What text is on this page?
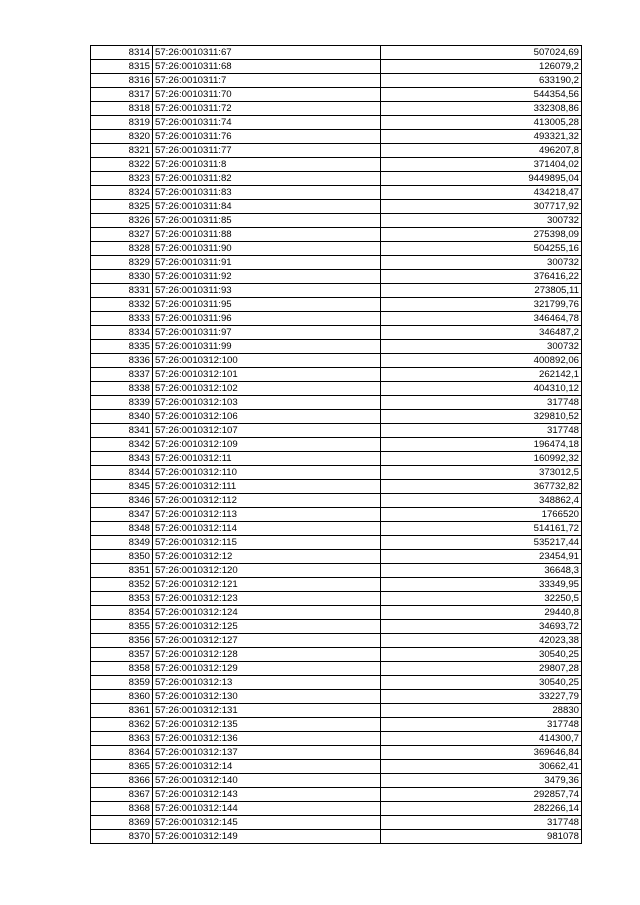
8314	57:26:0010311:67	507024,69
8315	57:26:0010311:68	126079,2
8316	57:26:0010311:7	633190,2
8317	57:26:0010311:70	544354,56
8318	57:26:0010311:72	332308,86
8319	57:26:0010311:74	413005,28
8320	57:26:0010311:76	493321,32
8321	57:26:0010311:77	496207,8
8322	57:26:0010311:8	371404,02
8323	57:26:0010311:82	9449895,04
8324	57:26:0010311:83	434218,47
8325	57:26:0010311:84	307717,92
8326	57:26:0010311:85	300732
8327	57:26:0010311:88	275398,09
8328	57:26:0010311:90	504255,16
8329	57:26:0010311:91	300732
8330	57:26:0010311:92	376416,22
8331	57:26:0010311:93	273805,11
8332	57:26:0010311:95	321799,76
8333	57:26:0010311:96	346464,78
8334	57:26:0010311:97	346487,2
8335	57:26:0010311:99	300732
8336	57:26:0010312:100	400892,06
8337	57:26:0010312:101	262142,1
8338	57:26:0010312:102	404310,12
8339	57:26:0010312:103	317748
8340	57:26:0010312:106	329810,52
8341	57:26:0010312:107	317748
8342	57:26:0010312:109	196474,18
8343	57:26:0010312:11	160992,32
8344	57:26:0010312:110	373012,5
8345	57:26:0010312:111	367732,82
8346	57:26:0010312:112	348862,4
8347	57:26:0010312:113	1766520
8348	57:26:0010312:114	514161,72
8349	57:26:0010312:115	535217,44
8350	57:26:0010312:12	23454,91
8351	57:26:0010312:120	36648,3
8352	57:26:0010312:121	33349,95
8353	57:26:0010312:123	32250,5
8354	57:26:0010312:124	29440,8
8355	57:26:0010312:125	34693,72
8356	57:26:0010312:127	42023,38
8357	57:26:0010312:128	30540,25
8358	57:26:0010312:129	29807,28
8359	57:26:0010312:13	30540,25
8360	57:26:0010312:130	33227,79
8361	57:26:0010312:131	28830
8362	57:26:0010312:135	317748
8363	57:26:0010312:136	414300,7
8364	57:26:0010312:137	369646,84
8365	57:26:0010312:14	30662,41
8366	57:26:0010312:140	3479,36
8367	57:26:0010312:143	292857,74
8368	57:26:0010312:144	282266,14
8369	57:26:0010312:145	317748
8370	57:26:0010312:149	981078
